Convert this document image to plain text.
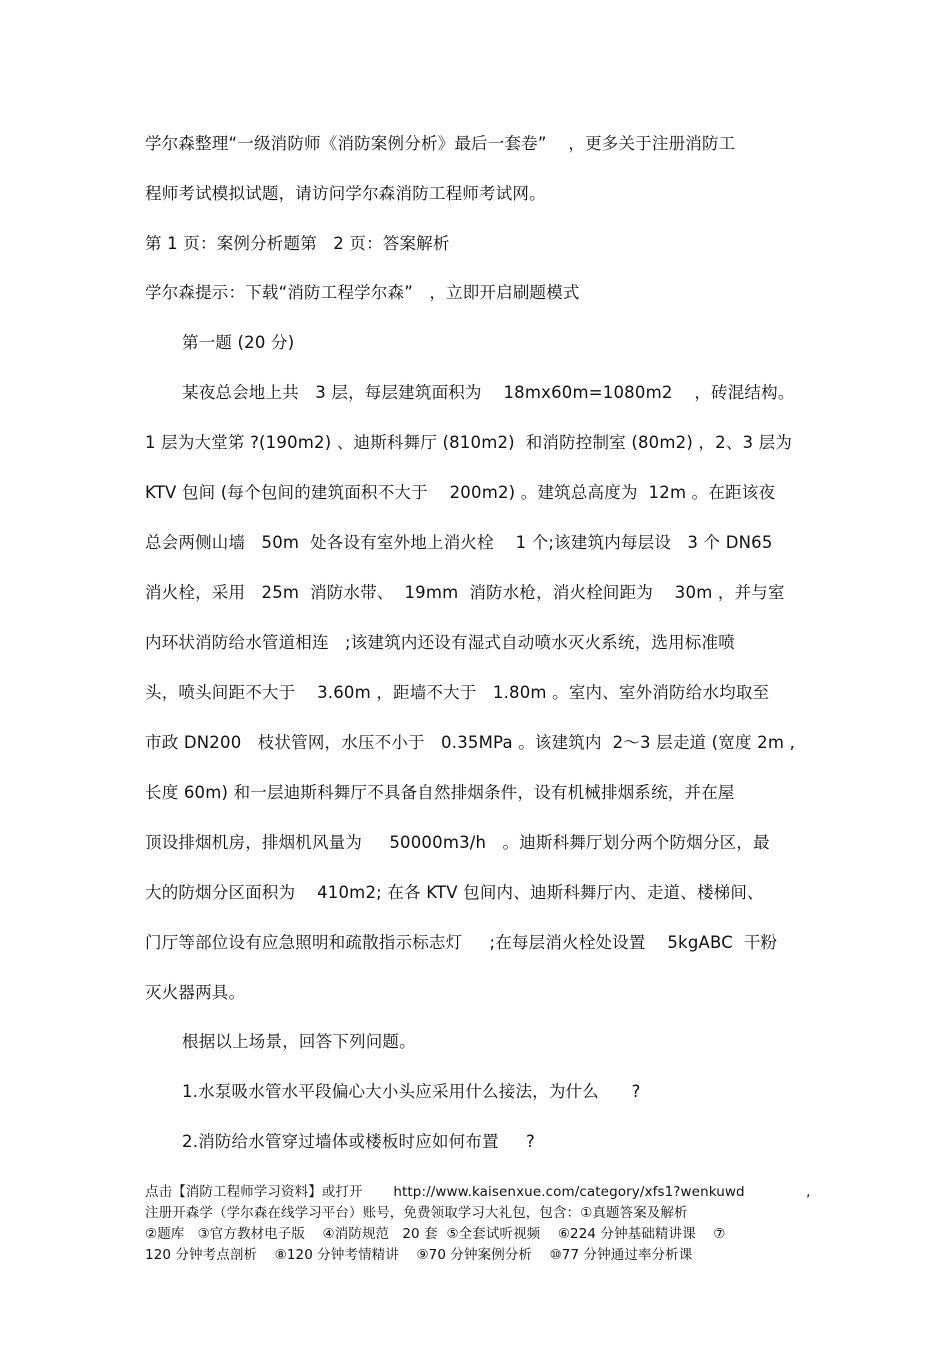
学尔森整理“一级消防师《消防案例分析》最后一套卷”    ，更多关于注册消防工
程师考试模拟试题，请访问学尔森消防工程师考试网。
第 1 页：案例分析题第   2 页：答案解析
学尔森提示：下载“消防工程学尔森”   ，立即开启刷题模式
第一题 (20 分)
某夜总会地上共   3 层，每层建筑面积为    18mx60m=1080m2    ，砖混结构。
1 层为大堂笫 ?(190m2) 、迪斯科舞厅 (810m2)  和消防控制室 (80m2) ，2、3 层为
KTV 包间 (每个包间的建筑面积不大于    200m2) 。建筑总高度为  12m 。在距该夜
总会两侧山墙   50m  处各设有室外地上消火栓    1 个;该建筑内每层设   3 个 DN65
消火栓，采用   25m  消防水带、  19mm  消防水枪，消火栓间距为    30m ，并与室
内环状消防给水管道相连   ;该建筑内还设有湿式自动喷水灭火系统，选用标准喷
头，喷头间距不大于    3.60m ，距墙不大于   1.80m 。室内、室外消防给水均取至
市政 DN200   枝状管网，水压不小于   0.35MPa 。该建筑内  2～3 层走道 (宽度 2m ,
长度 60m) 和一层迪斯科舞厅不具备自然排烟条件，设有机械排烟系统，并在屋
顶设排烟机房，排烟机风量为     50000m3/h   。迪斯科舞厅划分两个防烟分区，最
大的防烟分区面积为    410m2; 在各 KTV 包间内、迪斯科舞厅内、走道、楼梯间、
门厅等部位设有应急照明和疏散指示标志灯     ;在每层消火栓处设置    5kgABC  干粉
灭火器两具。
根据以上场景，回答下列问题。
1.水泵吸水管水平段偏心大小头应采用什么接法，为什么      ?
2.消防给水管穿过墙体或楼板时应如何布置     ?
点击【消防工程师学习资料】或打开       http://www.kaisenxue.com/category/xfs1?wenkuwd              ,
注册开森学（学尔森在线学习平台）账号，免费领取学习大礼包，包含：①真题答案及解析
②题库   ③官方教材电子版    ④消防规范   20 套  ⑤全套试听视频    ⑥224 分钟基础精讲课    ⑦
120 分钟考点剖析    ⑧120 分钟考情精讲    ⑨70 分钟案例分析    ⑩77 分钟通过率分析课
